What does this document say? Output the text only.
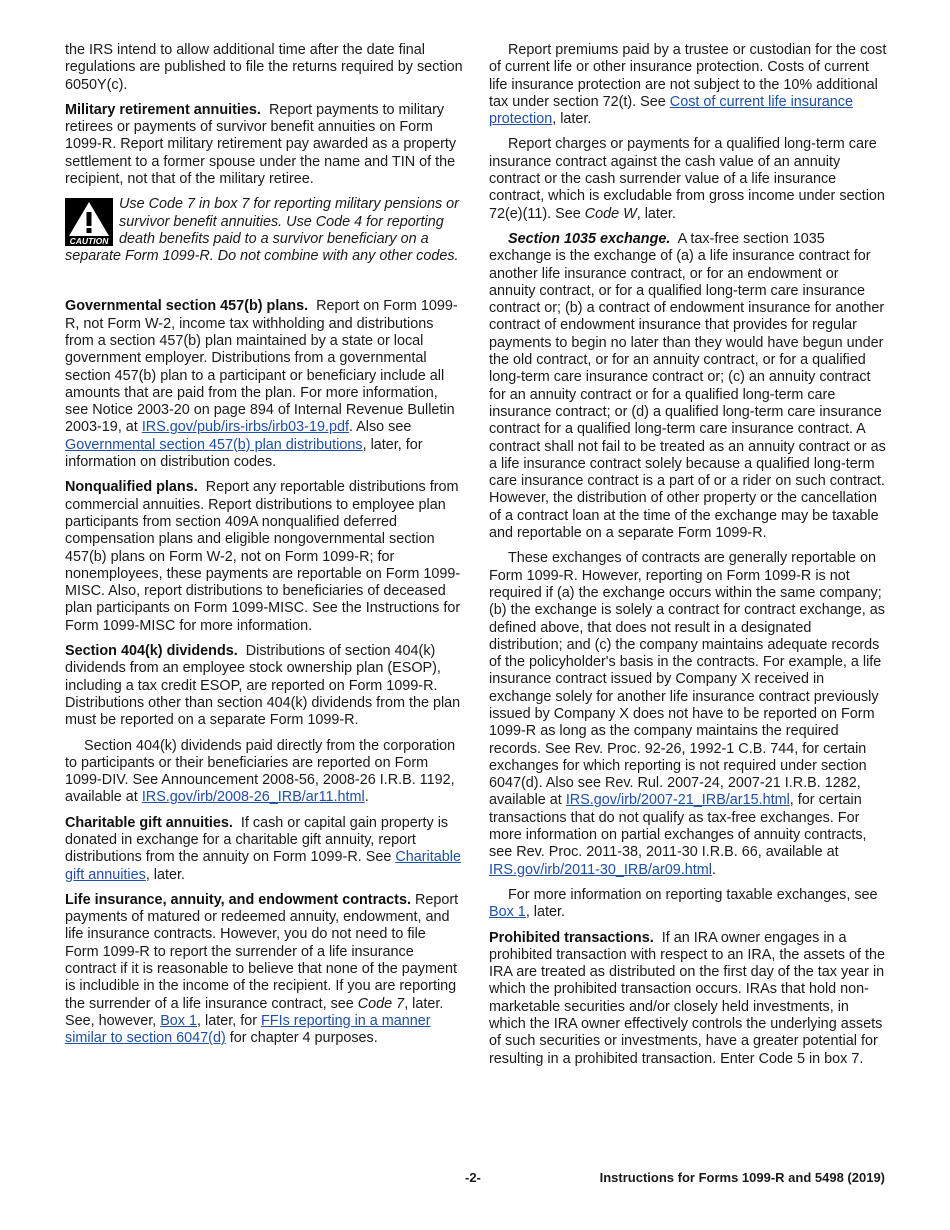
the IRS intend to allow additional time after the date final regulations are published to file the returns required by section 6050Y(c).

Military retirement annuities. Report payments to military retirees or payments of survivor benefit annuities on Form 1099-R. Report military retirement pay awarded as a property settlement to a former spouse under the name and TIN of the recipient, not that of the military retiree.

CAUTION
Use Code 7 in box 7 for reporting military pensions or survivor benefit annuities. Use Code 4 for reporting death benefits paid to a survivor beneficiary on a separate Form 1099-R. Do not combine with any other codes.

Governmental section 457(b) plans. Report on Form 1099-R, not Form W-2, income tax withholding and distributions from a section 457(b) plan maintained by a state or local government employer. Distributions from a governmental section 457(b) plan to a participant or beneficiary include all amounts that are paid from the plan. For more information, see Notice 2003-20 on page 894 of Internal Revenue Bulletin 2003-19, at IRS.gov/pub/irs-irbs/irb03-19.pdf. Also see Governmental section 457(b) plan distributions, later, for information on distribution codes.

Nonqualified plans. Report any reportable distributions from commercial annuities. Report distributions to employee plan participants from section 409A nonqualified deferred compensation plans and eligible nongovernmental section 457(b) plans on Form W-2, not on Form 1099-R; for nonemployees, these payments are reportable on Form 1099-MISC. Also, report distributions to beneficiaries of deceased plan participants on Form 1099-MISC. See the Instructions for Form 1099-MISC for more information.

Section 404(k) dividends. Distributions of section 404(k) dividends from an employee stock ownership plan (ESOP), including a tax credit ESOP, are reported on Form 1099-R. Distributions other than section 404(k) dividends from the plan must be reported on a separate Form 1099-R.

Section 404(k) dividends paid directly from the corporation to participants or their beneficiaries are reported on Form 1099-DIV. See Announcement 2008-56, 2008-26 I.R.B. 1192, available at IRS.gov/irb/2008-26_IRB/ar11.html.

Charitable gift annuities. If cash or capital gain property is donated in exchange for a charitable gift annuity, report distributions from the annuity on Form 1099-R. See Charitable gift annuities, later.

Life insurance, annuity, and endowment contracts. Report payments of matured or redeemed annuity, endowment, and life insurance contracts. However, you do not need to file Form 1099-R to report the surrender of a life insurance contract if it is reasonable to believe that none of the payment is includible in the income of the recipient. If you are reporting the surrender of a life insurance contract, see Code 7, later. See, however, Box 1, later, for FFIs reporting in a manner similar to section 6047(d) for chapter 4 purposes.

Report premiums paid by a trustee or custodian for the cost of current life or other insurance protection. Costs of current life insurance protection are not subject to the 10% additional tax under section 72(t). See Cost of current life insurance protection, later.

Report charges or payments for a qualified long-term care insurance contract against the cash value of an annuity contract or the cash surrender value of a life insurance contract, which is excludable from gross income under section 72(e)(11). See Code W, later.

Section 1035 exchange. A tax-free section 1035 exchange is the exchange of (a) a life insurance contract for another life insurance contract, or for an endowment or annuity contract, or for a qualified long-term care insurance contract or; (b) a contract of endowment insurance for another contract of endowment insurance that provides for regular payments to begin no later than they would have begun under the old contract, or for an annuity contract, or for a qualified long-term care insurance contract or; (c) an annuity contract for an annuity contract or for a qualified long-term care insurance contract; or (d) a qualified long-term care insurance contract for a qualified long-term care insurance contract. A contract shall not fail to be treated as an annuity contract or as a life insurance contract solely because a qualified long-term care insurance contract is a part of or a rider on such contract. However, the distribution of other property or the cancellation of a contract loan at the time of the exchange may be taxable and reportable on a separate Form 1099-R.

These exchanges of contracts are generally reportable on Form 1099-R. However, reporting on Form 1099-R is not required if (a) the exchange occurs within the same company; (b) the exchange is solely a contract for contract exchange, as defined above, that does not result in a designated distribution; and (c) the company maintains adequate records of the policyholder's basis in the contracts. For example, a life insurance contract issued by Company X received in exchange solely for another life insurance contract previously issued by Company X does not have to be reported on Form 1099-R as long as the company maintains the required records. See Rev. Proc. 92-26, 1992-1 C.B. 744, for certain exchanges for which reporting is not required under section 6047(d). Also see Rev. Rul. 2007-24, 2007-21 I.R.B. 1282, available at IRS.gov/irb/2007-21_IRB/ar15.html, for certain transactions that do not qualify as tax-free exchanges. For more information on partial exchanges of annuity contracts, see Rev. Proc. 2011-38, 2011-30 I.R.B. 66, available at IRS.gov/irb/2011-30_IRB/ar09.html.

For more information on reporting taxable exchanges, see Box 1, later.

Prohibited transactions. If an IRA owner engages in a prohibited transaction with respect to an IRA, the assets of the IRA are treated as distributed on the first day of the tax year in which the prohibited transaction occurs. IRAs that hold non-marketable securities and/or closely held investments, in which the IRA owner effectively controls the underlying assets of such securities or investments, have a greater potential for resulting in a prohibited transaction. Enter Code 5 in box 7.

-2-	Instructions for Forms 1099-R and 5498 (2019)
